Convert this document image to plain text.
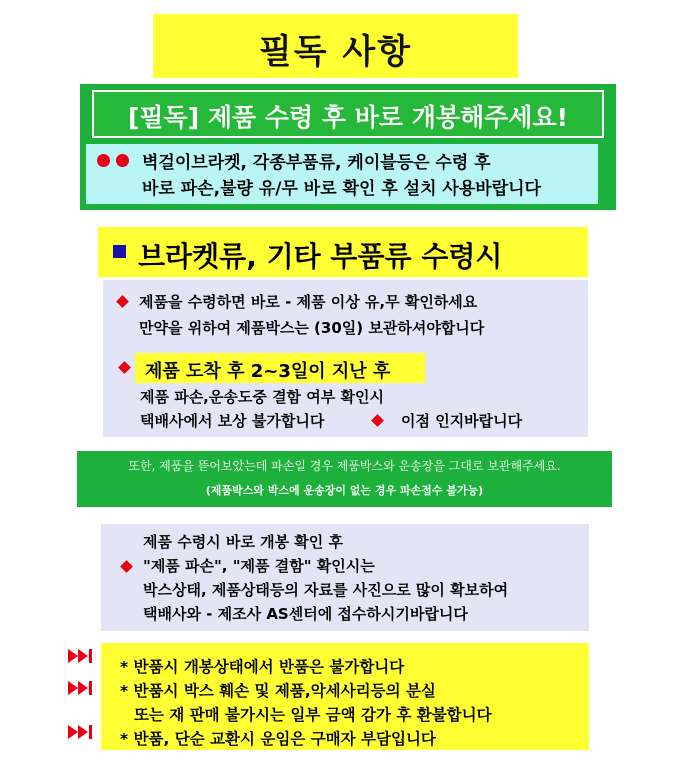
필독 사항
[필독] 제품 수령 후 바로 개봉해주세요!
벽걸이브라켓, 각종부품류, 케이블등은 수령 후
바로 파손,불량 유/무 바로 확인 후 설치 사용바랍니다
브라켓류, 기타 부품류 수령시
제품을 수령하면 바로 - 제품 이상 유,무 확인하세요
만약을 위하여 제품박스는 (30일) 보관하셔야합니다
제품 도착 후 2~3일이 지난 후
제품 파손,운송도중 결함 여부 확인시
택배사에서 보상 불가합니다	이점 인지바랍니다
또한, 제품을 뜯어보았는데 파손일 경우 제품박스와 운송장을 그대로 보관해주세요.
(제품박스와 박스에 운송장이 없는 경우 파손접수 불가능)
제품 수령시 바로 개봉 확인 후
"제품 파손", "제품 결함" 확인시는
박스상태, 제품상태등의 자료를 사진으로 많이 확보하여
택배사와 - 제조사 AS센터에 접수하시기바랍니다
* 반품시 개봉상태에서 반품은 불가합니다
* 반품시 박스 훼손 및 제품,악세사리등의 분실
또는 재 판매 불가시는 일부 금액 감가 후 환불합니다
* 반품, 단순 교환시 운임은 구매자 부담입니다
